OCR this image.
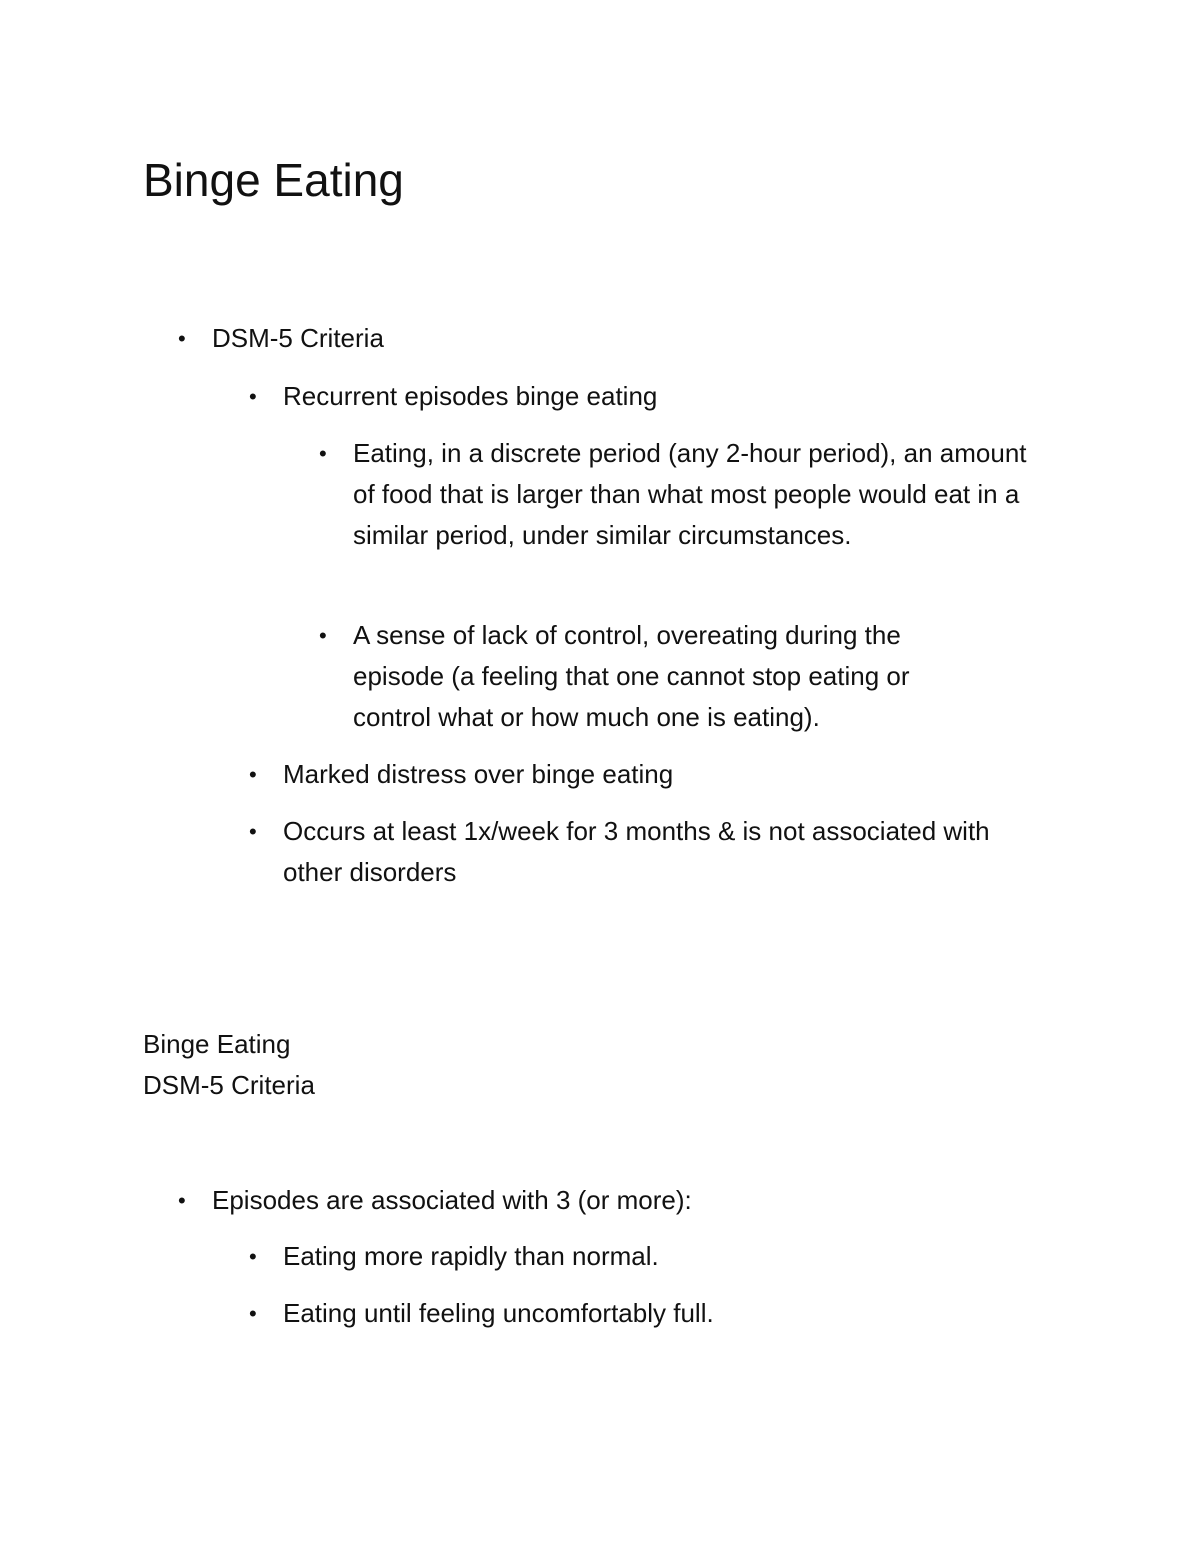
Binge Eating
• DSM-5 Criteria
• Recurrent episodes binge eating
• Eating, in a discrete period (any 2-hour period), an amount of food that is larger than what most people would eat in a similar period, under similar circumstances.
• A sense of lack of control, overeating during the episode (a feeling that one cannot stop eating or control what or how much one is eating).
• Marked distress over binge eating
• Occurs at least 1x/week for 3 months & is not associated with other disorders
Binge Eating
DSM-5 Criteria
• Episodes are associated with 3 (or more):
• Eating more rapidly than normal.
• Eating until feeling uncomfortably full.
